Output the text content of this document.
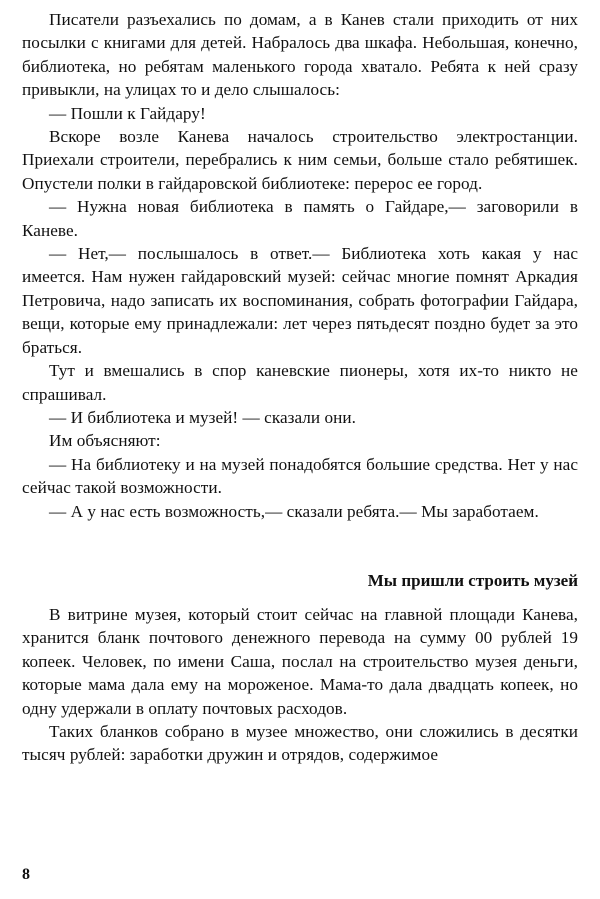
Писатели разъехались по домам, а в Канев стали приходить от них посылки с книгами для детей. Набралось два шкафа. Небольшая, конечно, библиотека, но ребятам маленького города хватало. Ребята к ней сразу привыкли, на улицах то и дело слышалось:

— Пошли к Гайдару!

Вскоре возле Канева началось строительство электростанции. Приехали строители, перебрались к ним семьи, больше стало ребятишек. Опустели полки в гайдаровской библиотеке: перерос ее город.

— Нужна новая библиотека в память о Гайдаре,— заговорили в Каневе.

— Нет,— послышалось в ответ.— Библиотека хоть какая у нас имеется. Нам нужен гайдаровский музей: сейчас многие помнят Аркадия Петровича, надо записать их воспоминания, собрать фотографии Гайдара, вещи, которые ему принадлежали: лет через пятьдесят поздно будет за это браться.

Тут и вмешались в спор каневские пионеры, хотя их-то никто не спрашивал.

— И библиотека и музей! — сказали они.

Им объясняют:

— На библиотеку и на музей понадобятся большие средства. Нет у нас сейчас такой возможности.

— А у нас есть возможность,— сказали ребята.— Мы заработаем.

Мы пришли строить музей

В витрине музея, который стоит сейчас на главной площади Канева, хранится бланк почтового денежного перевода на сумму 00 рублей 19 копеек. Человек, по имени Саша, послал на строительство музея деньги, которые мама дала ему на мороженое. Мама-то дала двадцать копеек, но одну удержали в оплату почтовых расходов.

Таких бланков собрано в музее множество, они сложились в десятки тысяч рублей: заработки дружин и отрядов, содержимое

8
